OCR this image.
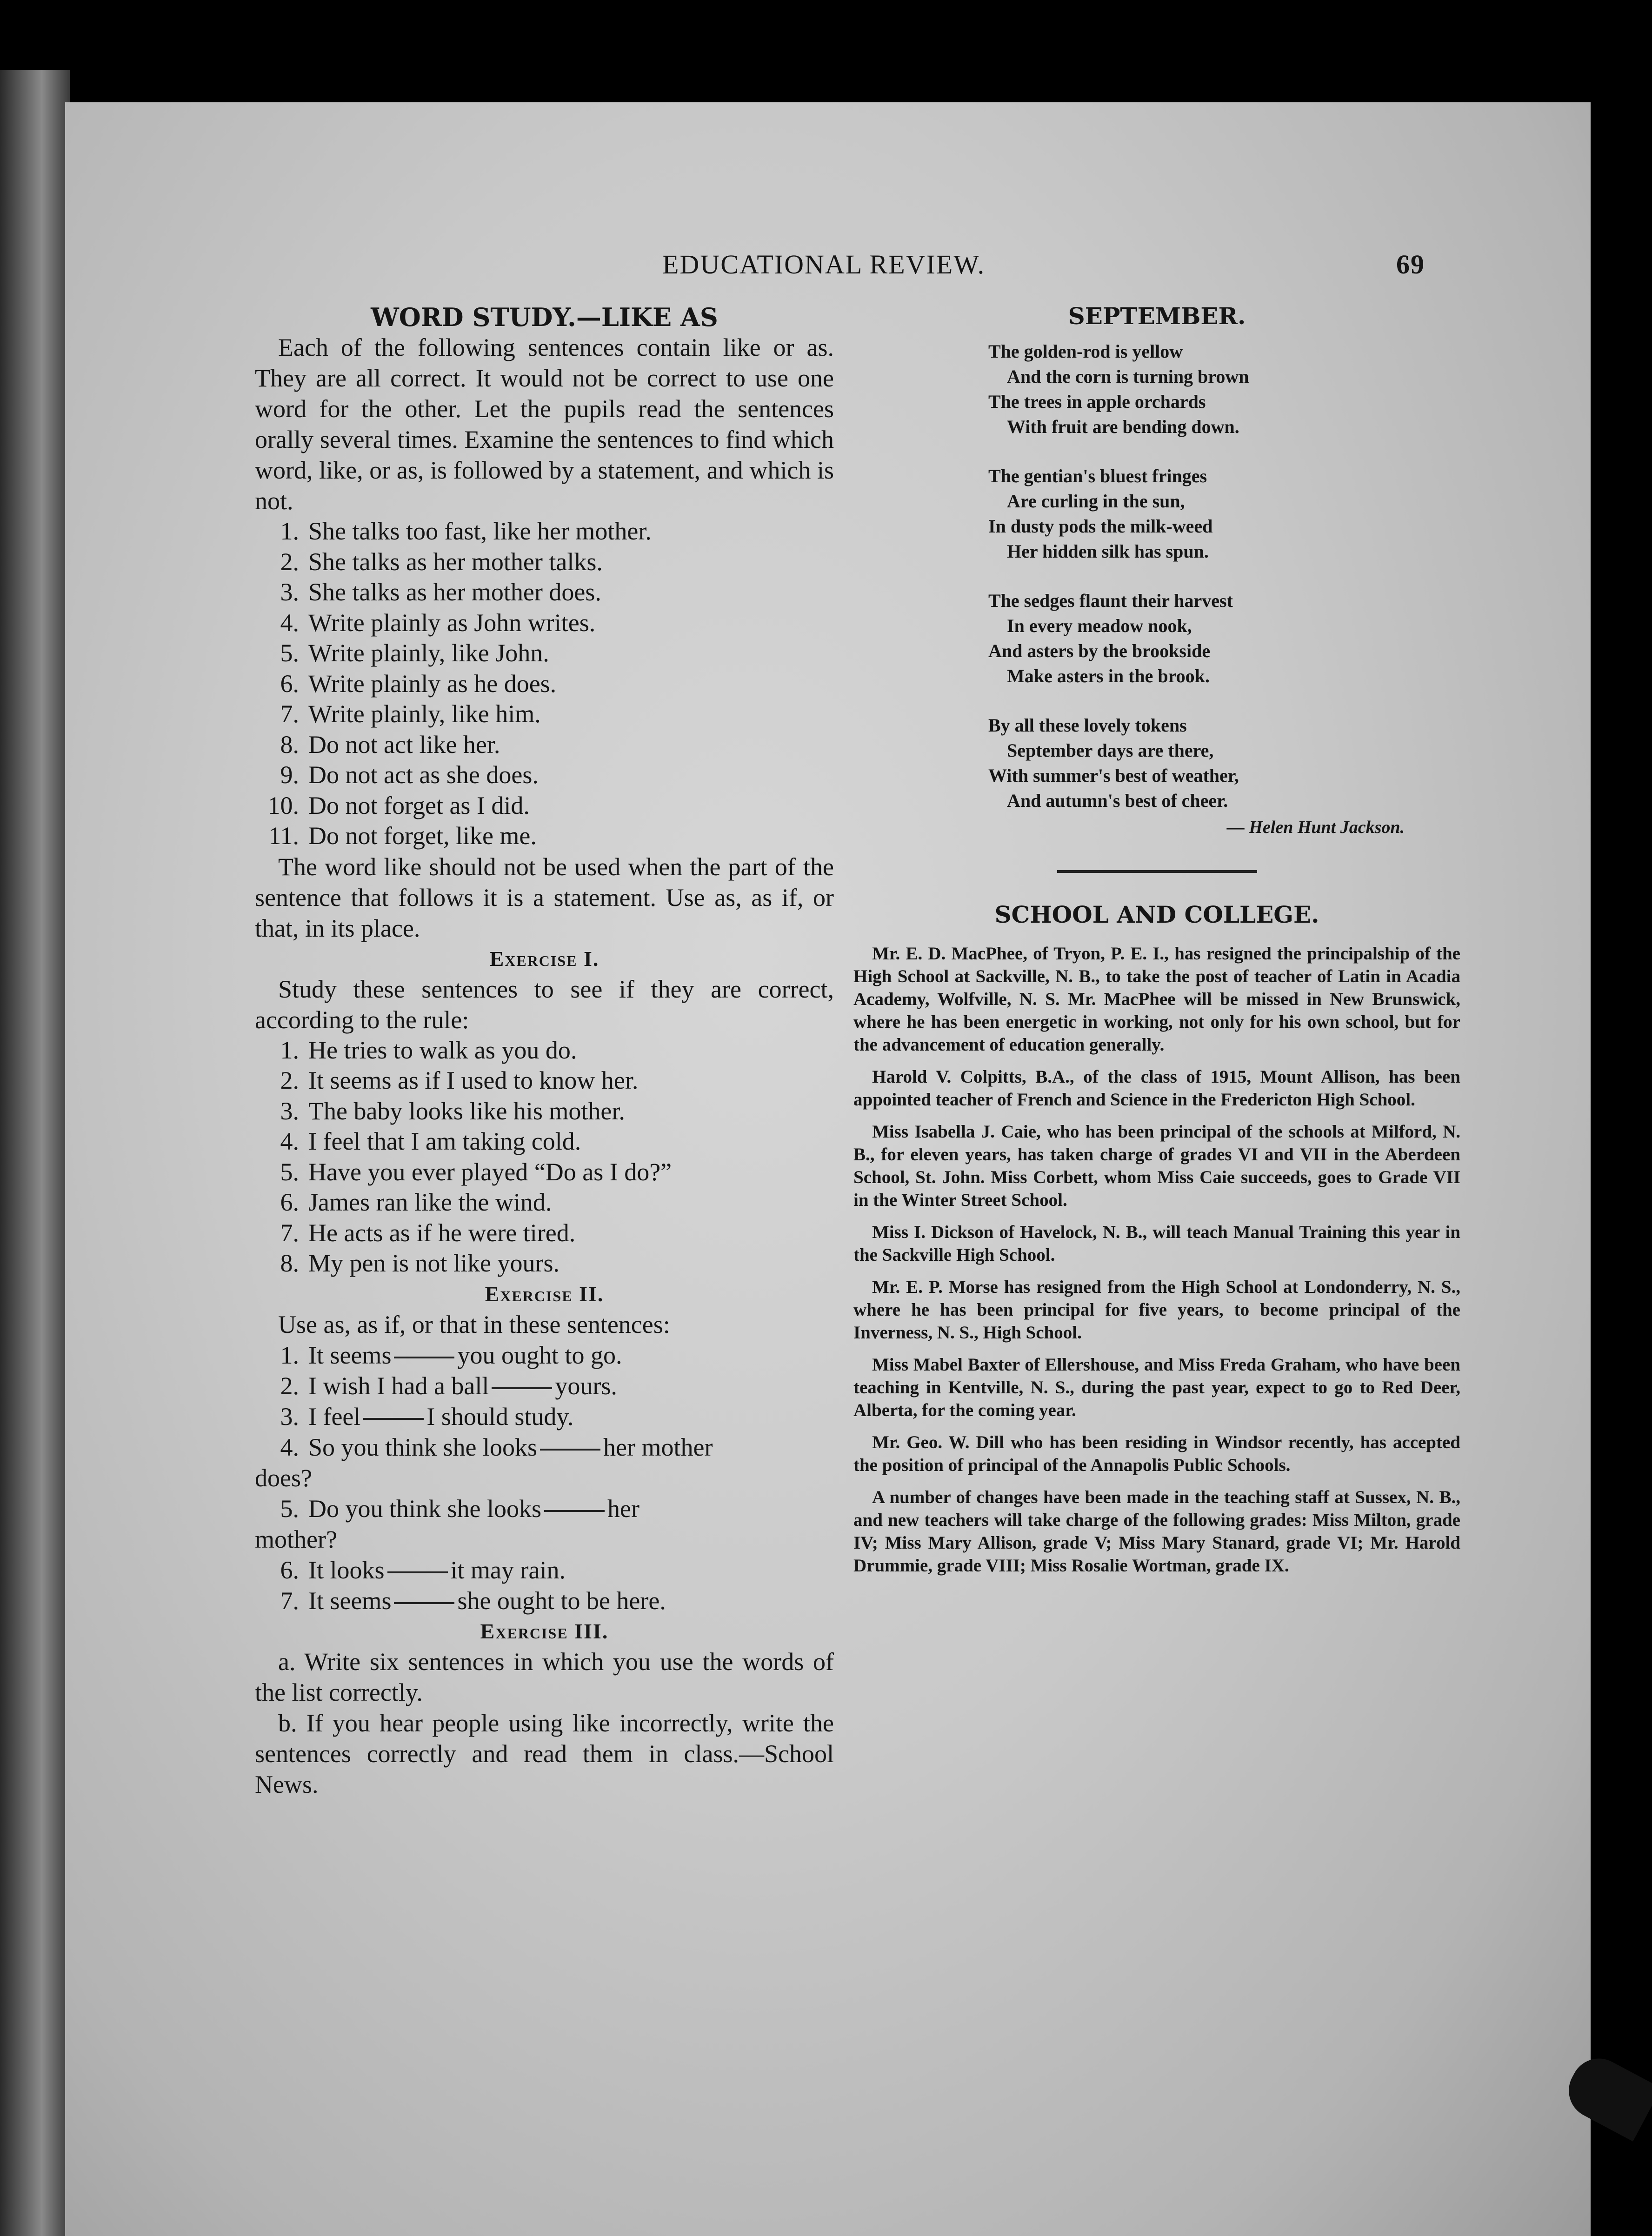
EDUCATIONAL REVIEW.	69
WORD STUDY.—LIKE AS

Each of the following sentences contain like or as. They are all correct. It would not be correct to use one word for the other. Let the pupils read the sentences orally several times. Examine the sentences to find which word, like, or as, is followed by a statement, and which is not.

1. She talks too fast, like her mother.
2. She talks as her mother talks.
3. She talks as her mother does.
4. Write plainly as John writes.
5. Write plainly, like John.
6. Write plainly as he does.
7. Write plainly, like him.
8. Do not act like her.
9. Do not act as she does.
10. Do not forget as I did.
11. Do not forget, like me.

The word like should not be used when the part of the sentence that follows it is a statement. Use as, as if, or that, in its place.

Exercise I.

Study these sentences to see if they are correct, according to the rule:

1. He tries to walk as you do.
2. It seems as if I used to know her.
3. The baby looks like his mother.
4. I feel that I am taking cold.
5. Have you ever played “Do as I do?”
6. James ran like the wind.
7. He acts as if he were tired.
8. My pen is not like yours.
Exercise II.

Use as, as if, or that in these sentences:

1. It seems	you ought to go.
2. I wish I had a ball	yours.
3. I feel	I should study.
4. So you think she looks	her mother
does?
5. Do you think she looks	her
mother?
6. It looks	it may rain.
7. It seems	she ought to be here.
Exercise III.

a. Write six sentences in which you use the words of the list correctly.

b. If you hear people using like incorrectly, write the sentences correctly and read them in class.—School News.

SEPTEMBER.
The golden-rod is yellow
And the corn is turning brown
The trees in apple orchards
With fruit are bending down.
The gentian's bluest fringes
Are curling in the sun,
In dusty pods the milk-weed
Her hidden silk has spun.
The sedges flaunt their harvest
In every meadow nook,
And asters by the brookside
Make asters in the brook.
By all these lovely tokens
September days are there,
With summer's best of weather,
And autumn's best of cheer.

— Helen Hunt Jackson.

SCHOOL AND COLLEGE.

Mr. E. D. MacPhee, of Tryon, P. E. I., has resigned the principalship of the High School at Sackville, N. B., to take the post of teacher of Latin in Acadia Academy, Wolfville, N. S. Mr. MacPhee will be missed in New Brunswick, where he has been energetic in working, not only for his own school, but for the advancement of education generally.

Harold V. Colpitts, B.A., of the class of 1915, Mount Allison, has been appointed teacher of French and Science in the Fredericton High School.

Miss Isabella J. Caie, who has been principal of the schools at Milford, N. B., for eleven years, has taken charge of grades VI and VII in the Aberdeen School, St. John. Miss Corbett, whom Miss Caie succeeds, goes to Grade VII in the Winter Street School.

Miss I. Dickson of Havelock, N. B., will teach Manual Training this year in the Sackville High School.

Mr. E. P. Morse has resigned from the High School at Londonderry, N. S., where he has been principal for five years, to become principal of the Inverness, N. S., High School.

Miss Mabel Baxter of Ellershouse, and Miss Freda Graham, who have been teaching in Kentville, N. S., during the past year, expect to go to Red Deer, Alberta, for the coming year.

Mr. Geo. W. Dill who has been residing in Windsor recently, has accepted the position of principal of the Annapolis Public Schools.

A number of changes have been made in the teaching staff at Sussex, N. B., and new teachers will take charge of the following grades: Miss Milton, grade IV; Miss Mary Allison, grade V; Miss Mary Stanard, grade VI; Mr. Harold Drummie, grade VIII; Miss Rosalie Wortman, grade IX.
